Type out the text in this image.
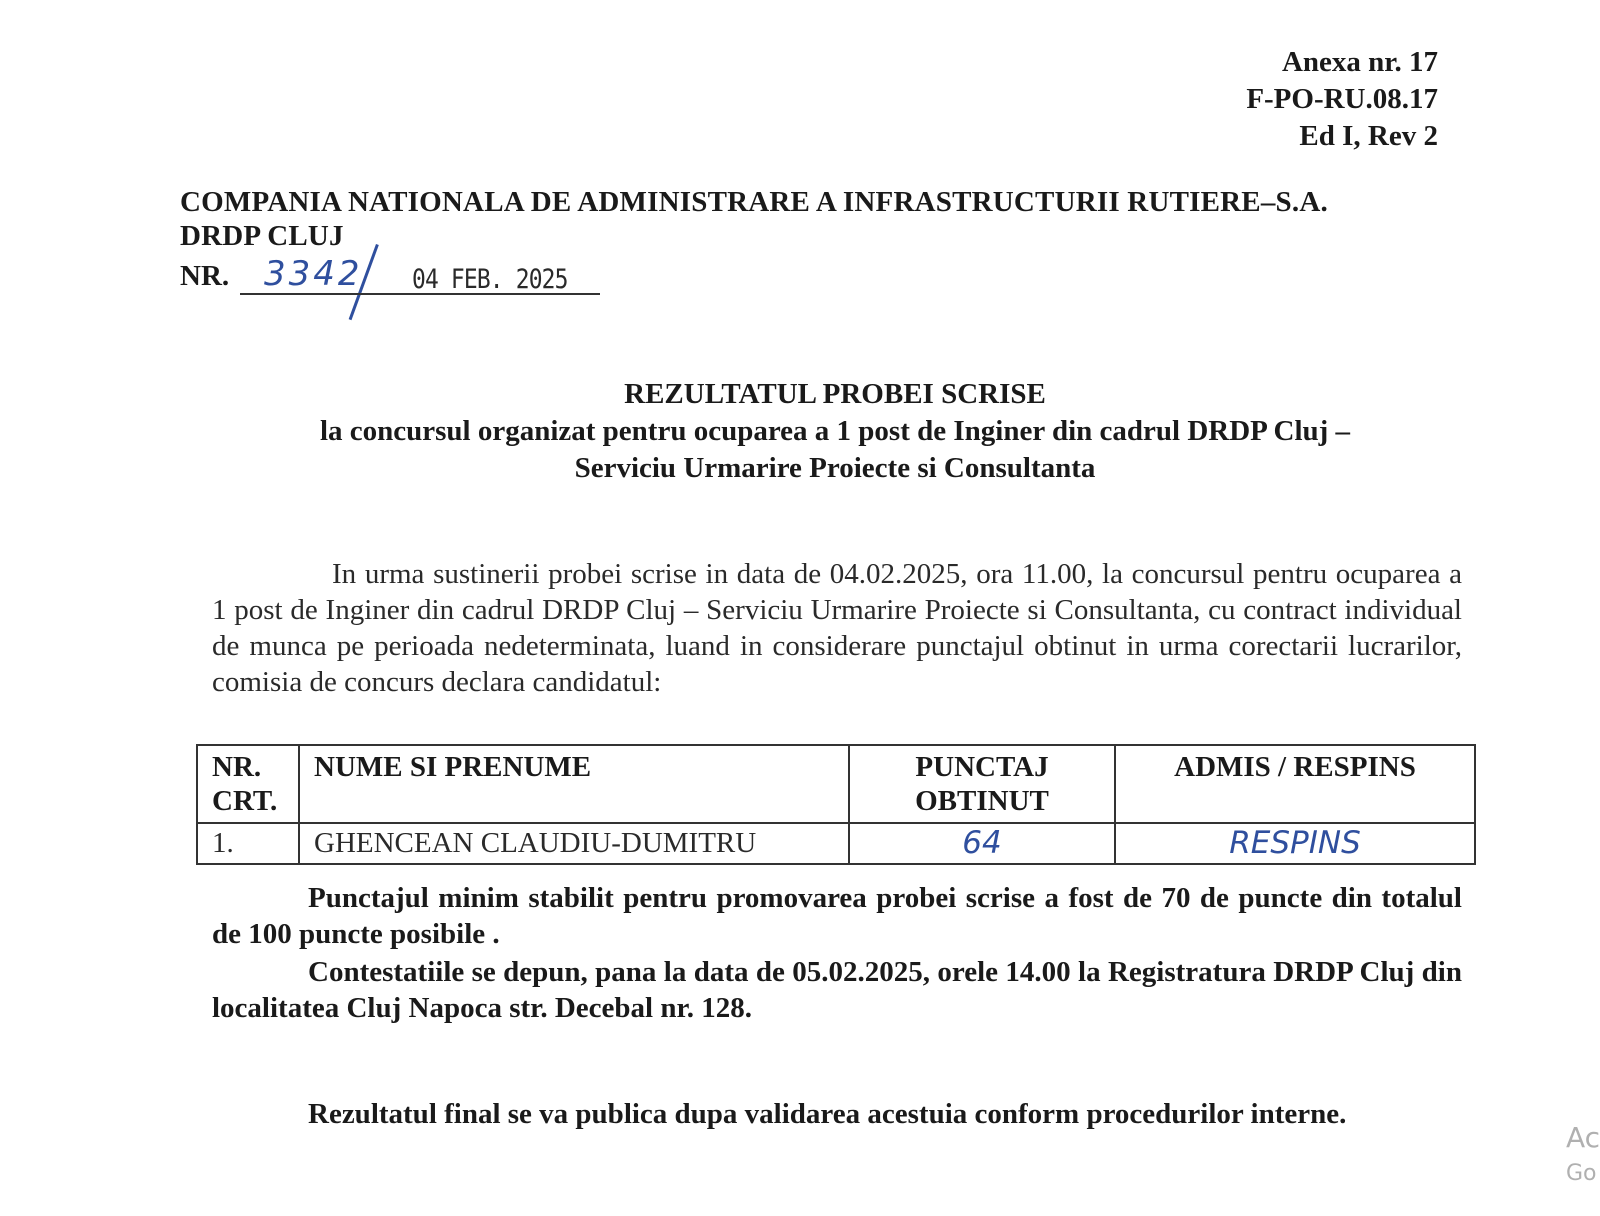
Anexa nr. 17
F-PO-RU.08.17
Ed I, Rev 2
COMPANIA NATIONALA DE ADMINISTRARE A INFRASTRUCTURII RUTIERE–S.A.
DRDP CLUJ
NR. 3342 04 FEB. 2025
REZULTATUL PROBEI SCRISE
la concursul organizat pentru ocuparea a 1 post de Inginer din cadrul DRDP Cluj –
Serviciu Urmarire Proiecte si Consultanta
In urma sustinerii probei scrise in data de 04.02.2025, ora 11.00, la concursul pentru ocuparea a 1 post de Inginer din cadrul DRDP Cluj – Serviciu Urmarire Proiecte si Consultanta, cu contract individual de munca pe perioada nedeterminata, luand in considerare punctajul obtinut in urma corectarii lucrarilor, comisia de concurs declara candidatul:
NR. CRT.	NUME SI PRENUME	PUNCTAJ OBTINUT	ADMIS / RESPINS
1.	GHENCEAN CLAUDIU-DUMITRU	64	RESPINS
Punctajul minim stabilit pentru promovarea probei scrise a fost de 70 de puncte din totalul de 100 puncte posibile .
Contestatiile se depun, pana la data de 05.02.2025, orele 14.00 la Registratura DRDP Cluj din localitatea Cluj Napoca str. Decebal nr. 128.
Rezultatul final se va publica dupa validarea acestuia conform procedurilor interne.
Ac
Go
